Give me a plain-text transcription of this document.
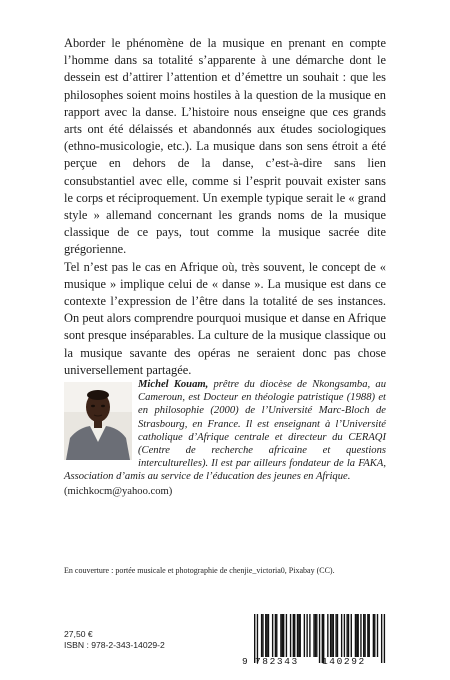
Aborder le phénomène de la musique en prenant en compte l’homme dans sa totalité s’apparente à une démarche dont le dessein est d’attirer l’attention et d’émettre un souhait : que les philosophes soient moins hostiles à la question de la musique en rapport avec la danse. L’histoire nous enseigne que ces grands arts ont été délaissés et abandonnés aux études sociologiques (ethno-musicologie, etc.). La musique dans son sens étroit a été perçue en dehors de la danse, c’est-à-dire sans lien consubstantiel avec elle, comme si l’esprit pouvait exister sans le corps et réciproquement. Un exemple typique serait le « grand style » allemand concernant les grands noms de la musique classique de ce pays, tout comme la musique sacrée dite grégorienne.

Tel n’est pas le cas en Afrique où, très souvent, le concept de « musique » implique celui de « danse ». La musique est dans ce contexte l’expression de l’être dans la totalité de ses instances. On peut alors comprendre pourquoi musique et danse en Afrique sont presque inséparables. La culture de la musique classique ou la musique savante des opéras ne seraient donc pas chose universellement partagée.

Michel Kouam, prêtre du diocèse de Nkongsamba, au Cameroun, est Docteur en théologie patristique (1988) et en philosophie (2000) de l’Université Marc-Bloch de Strasbourg, en France. Il est enseignant à l’Université catholique d’Afrique centrale et directeur du CERAQI (Centre de recherche africaine et questions interculturelles). Il est par ailleurs fondateur de la FAKA, Association d’amis au service de l’éducation des jeunes en Afrique.

(michkocm@yahoo.com)
En couverture : portée musicale et photographie de chenjie_victoria0, Pixabay (CC).
27,50 €
ISBN : 978-2-343-14029-2
9 782343 140292
